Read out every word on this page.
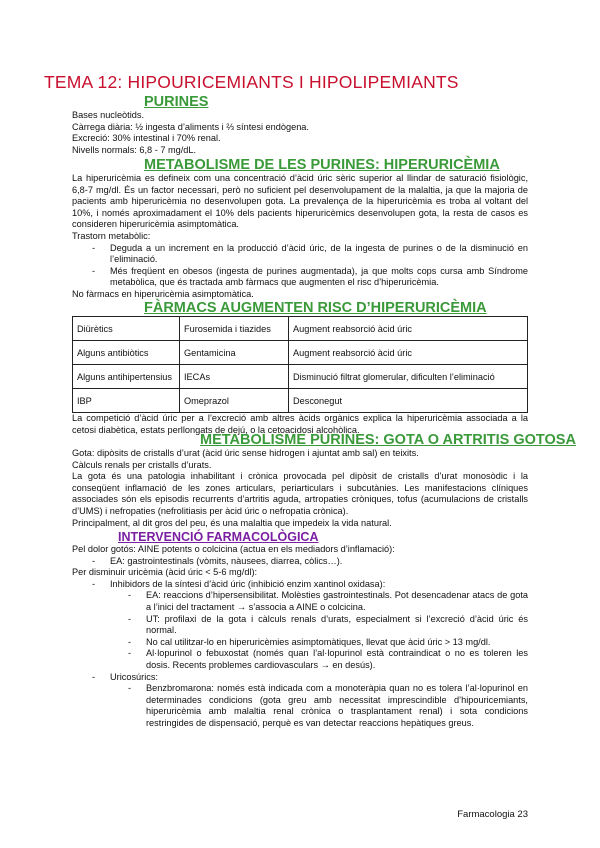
TEMA 12: HIPOURICEMIANTS I HIPOLIPEMIANTS
PURINES
Bases nucleòtids.
Càrrega diària: ½ ingesta d’aliments i ⅔ síntesi endògena.
Excreció: 30% intestinal i 70% renal.
Nivells normals: 6,8 - 7 mg/dL.
METABOLISME DE LES PURINES: HIPERURICÈMIA

La hiperuricèmia es defineix com una concentració d’àcid úric sèric superior al llindar de saturació fisiològic, 6,8-7 mg/dl. És un factor necessari, però no suficient pel desenvolupament de la malaltia, ja que la majoria de pacients amb hiperuricèmia no desenvolupen gota. La prevalença de la hiperuricèmia es troba al voltant del 10%, i només aproximadament el 10% dels pacients hiperuricèmics desenvolupen gota, la resta de casos es consideren hiperuricèmia asimptomàtica.

Trastorn metabòlic:
- Deguda a un increment en la producció d’àcid úric, de la ingesta de purines o de la disminució en l’eliminació.
- Més freqüent en obesos (ingesta de purines augmentada), ja que molts cops cursa amb Síndrome metabòlica, que és tractada amb fàrmacs que augmenten el risc d’hiperuricèmia.
No fàrmacs en hiperuricèmia asimptomàtica.
FÀRMACS AUGMENTEN RISC D’HIPERURICÈMIA
Diürètics	Furosemida i tiazides	Augment reabsorció àcid úric
Alguns antibiòtics	Gentamicina	Augment reabsorció àcid úric
Alguns antihipertensius	IECAs	Disminució filtrat glomerular, dificulten l’eliminació
IBP	Omeprazol	Desconegut

La competició d’àcid úric per a l’excreció amb altres àcids orgànics explica la hiperuricèmia associada a la cetosi diabètica, estats perllongats de dejú, o la cetoacidosi alcohòlica.

METABOLISME PURINES: GOTA O ARTRITIS GOTOSA
Gota: dipòsits de cristalls d’urat (àcid úric sense hidrogen i ajuntat amb sal) en teixits.
Càlculs renals per cristalls d’urats.

La gota és una patologia inhabilitant i crònica provocada pel dipòsit de cristalls d’urat monosòdic i la conseqüent inflamació de les zones articulars, periarticulars i subcutànies. Les manifestacions clíniques associades són els episodis recurrents d’artritis aguda, artropaties cròniques, tofus (acumulacions de cristalls d’UMS) i nefropaties (nefrolitiasis per àcid úric o nefropatia crònica).

Principalment, al dit gros del peu, és una malaltia que impedeix la vida natural.
INTERVENCIÓ FARMACOLÒGICA
Pel dolor gotós: AINE potents o colcicina (actua en els mediadors d’inflamació):
- EA: gastrointestinals (vòmits, nàusees, diarrea, còlics…).
Per disminuir uricèmia (àcid úric < 5-6 mg/dl):
- Inhibidors de la síntesi d’àcid úric (inhibició enzim xantinol oxidasa):
- EA: reaccions d’hipersensibilitat. Molèsties gastrointestinals. Pot desencadenar atacs de gota a l’inici del tractament → s’associa a AINE o colcicina.
- UT: profilaxi de la gota i càlculs renals d’urats, especialment si l’excreció d’àcid úric és normal.
- No cal utilitzar-lo en hiperuricèmies asimptomàtiques, llevat que àcid úric > 13 mg/dl.
- Al·lopurinol o febuxostat (només quan l’al·lopurinol està contraindicat o no es toleren les dosis. Recents problemes cardiovasculars → en desús).
- Uricosúrics:
- Benzbromarona: només està indicada com a monoteràpia quan no es tolera l’al·lopurinol en determinades condicions (gota greu amb necessitat imprescindible d’hipouricemiants, hiperuricèmia amb malaltia renal crònica o trasplantament renal) i sota condicions restringides de dispensació, perquè es van detectar reaccions hepàtiques greus.
Farmacologia 23
